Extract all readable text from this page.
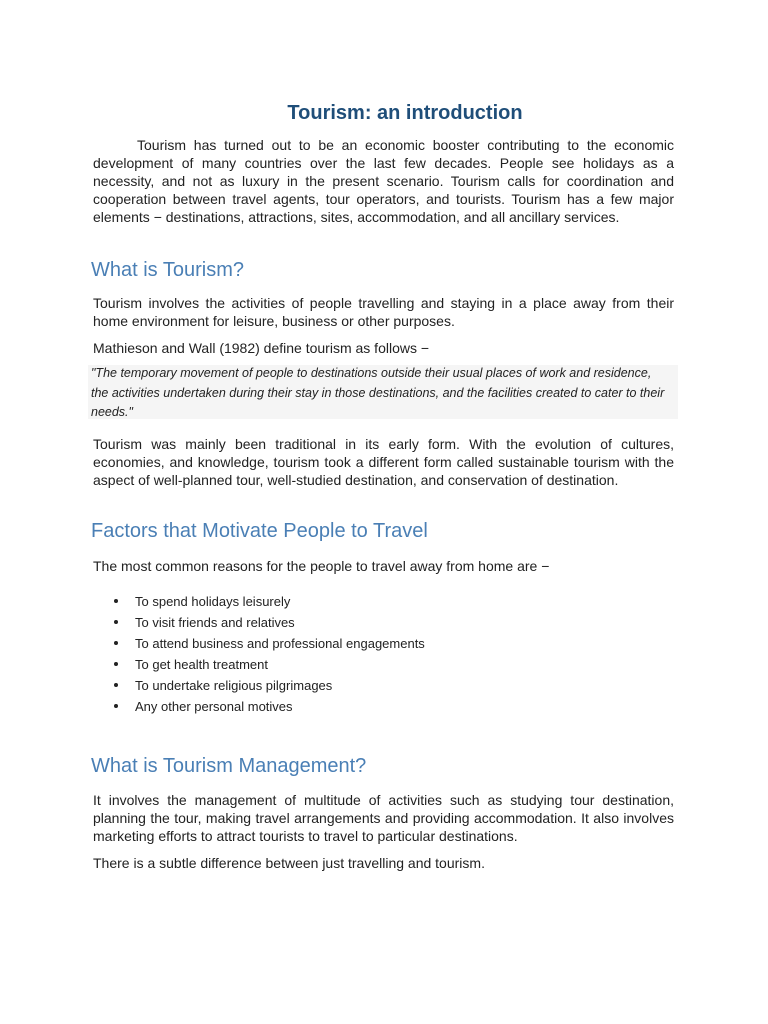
Tourism: an introduction

Tourism has turned out to be an economic booster contributing to the economic development of many countries over the last few decades. People see holidays as a necessity, and not as luxury in the present scenario. Tourism calls for coordination and cooperation between travel agents, tour operators, and tourists. Tourism has a few major elements − destinations, attractions, sites, accommodation, and all ancillary services.

What is Tourism?

Tourism involves the activities of people travelling and staying in a place away from their home environment for leisure, business or other purposes.

Mathieson and Wall (1982) define tourism as follows −

"The temporary movement of people to destinations outside their usual places of work and residence, the activities undertaken during their stay in those destinations, and the facilities created to cater to their needs."

Tourism was mainly been traditional in its early form. With the evolution of cultures, economies, and knowledge, tourism took a different form called sustainable tourism with the aspect of well-planned tour, well-studied destination, and conservation of destination.

Factors that Motivate People to Travel

The most common reasons for the people to travel away from home are −

To spend holidays leisurely
To visit friends and relatives
To attend business and professional engagements
To get health treatment
To undertake religious pilgrimages
Any other personal motives
What is Tourism Management?

It involves the management of multitude of activities such as studying tour destination, planning the tour, making travel arrangements and providing accommodation. It also involves marketing efforts to attract tourists to travel to particular destinations.

There is a subtle difference between just travelling and tourism.
